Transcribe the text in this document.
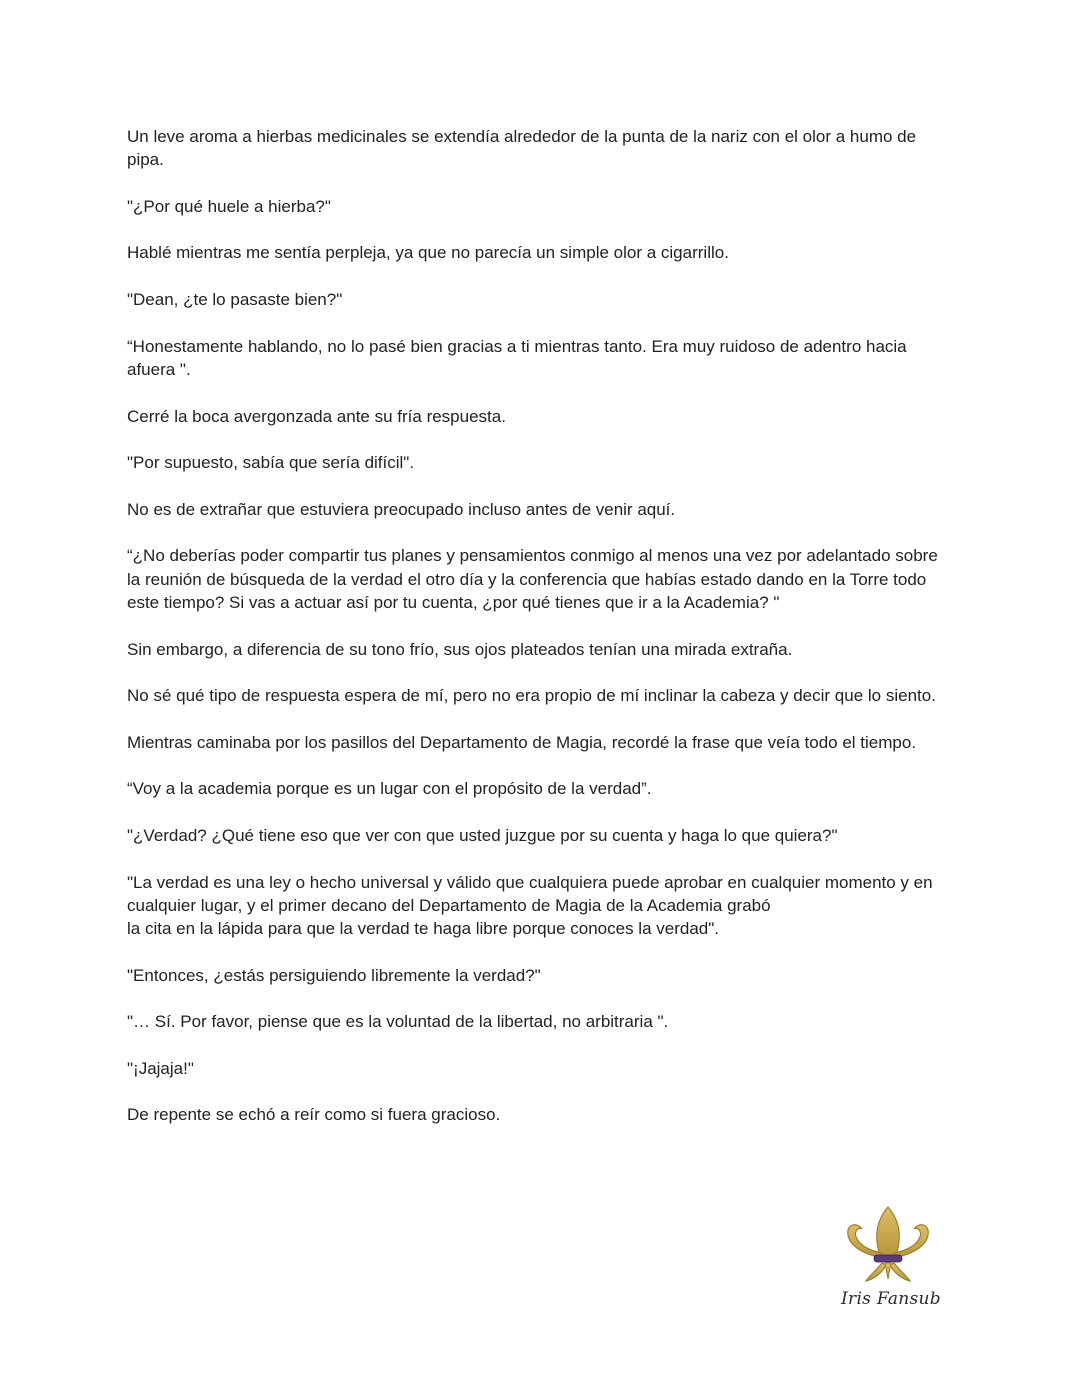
Un leve aroma a hierbas medicinales se extendía alrededor de la punta de la nariz con el olor a humo de pipa.

"¿Por qué huele a hierba?"

Hablé mientras me sentía perpleja, ya que no parecía un simple olor a cigarrillo.

"Dean, ¿te lo pasaste bien?"

“Honestamente hablando, no lo pasé bien gracias a ti mientras tanto. Era muy ruidoso de adentro hacia afuera ".

Cerré la boca avergonzada ante su fría respuesta.

"Por supuesto, sabía que sería difícil".

No es de extrañar que estuviera preocupado incluso antes de venir aquí.

“¿No deberías poder compartir tus planes y pensamientos conmigo al menos una vez por adelantado sobre la reunión de búsqueda de la verdad el otro día y la conferencia que habías estado dando en la Torre todo este tiempo? Si vas a actuar así por tu cuenta, ¿por qué tienes que ir a la Academia? "

Sin embargo, a diferencia de su tono frío, sus ojos plateados tenían una mirada extraña.

No sé qué tipo de respuesta espera de mí, pero no era propio de mí inclinar la cabeza y decir que lo siento.

Mientras caminaba por los pasillos del Departamento de Magia, recordé la frase que veía todo el tiempo.

“Voy a la academia porque es un lugar con el propósito de la verdad”.

"¿Verdad? ¿Qué tiene eso que ver con que usted juzgue por su cuenta y haga lo que quiera?"

"La verdad es una ley o hecho universal y válido que cualquiera puede aprobar en cualquier momento y en cualquier lugar, y el primer decano del Departamento de Magia de la Academia grabó
la cita en la lápida para que la verdad te haga libre porque conoces la verdad".

"Entonces, ¿estás persiguiendo libremente la verdad?"

"… Sí. Por favor, piense que es la voluntad de la libertad, no arbitraria ".

"¡Jajaja!"

De repente se echó a reír como si fuera gracioso.

Iris Fansub
